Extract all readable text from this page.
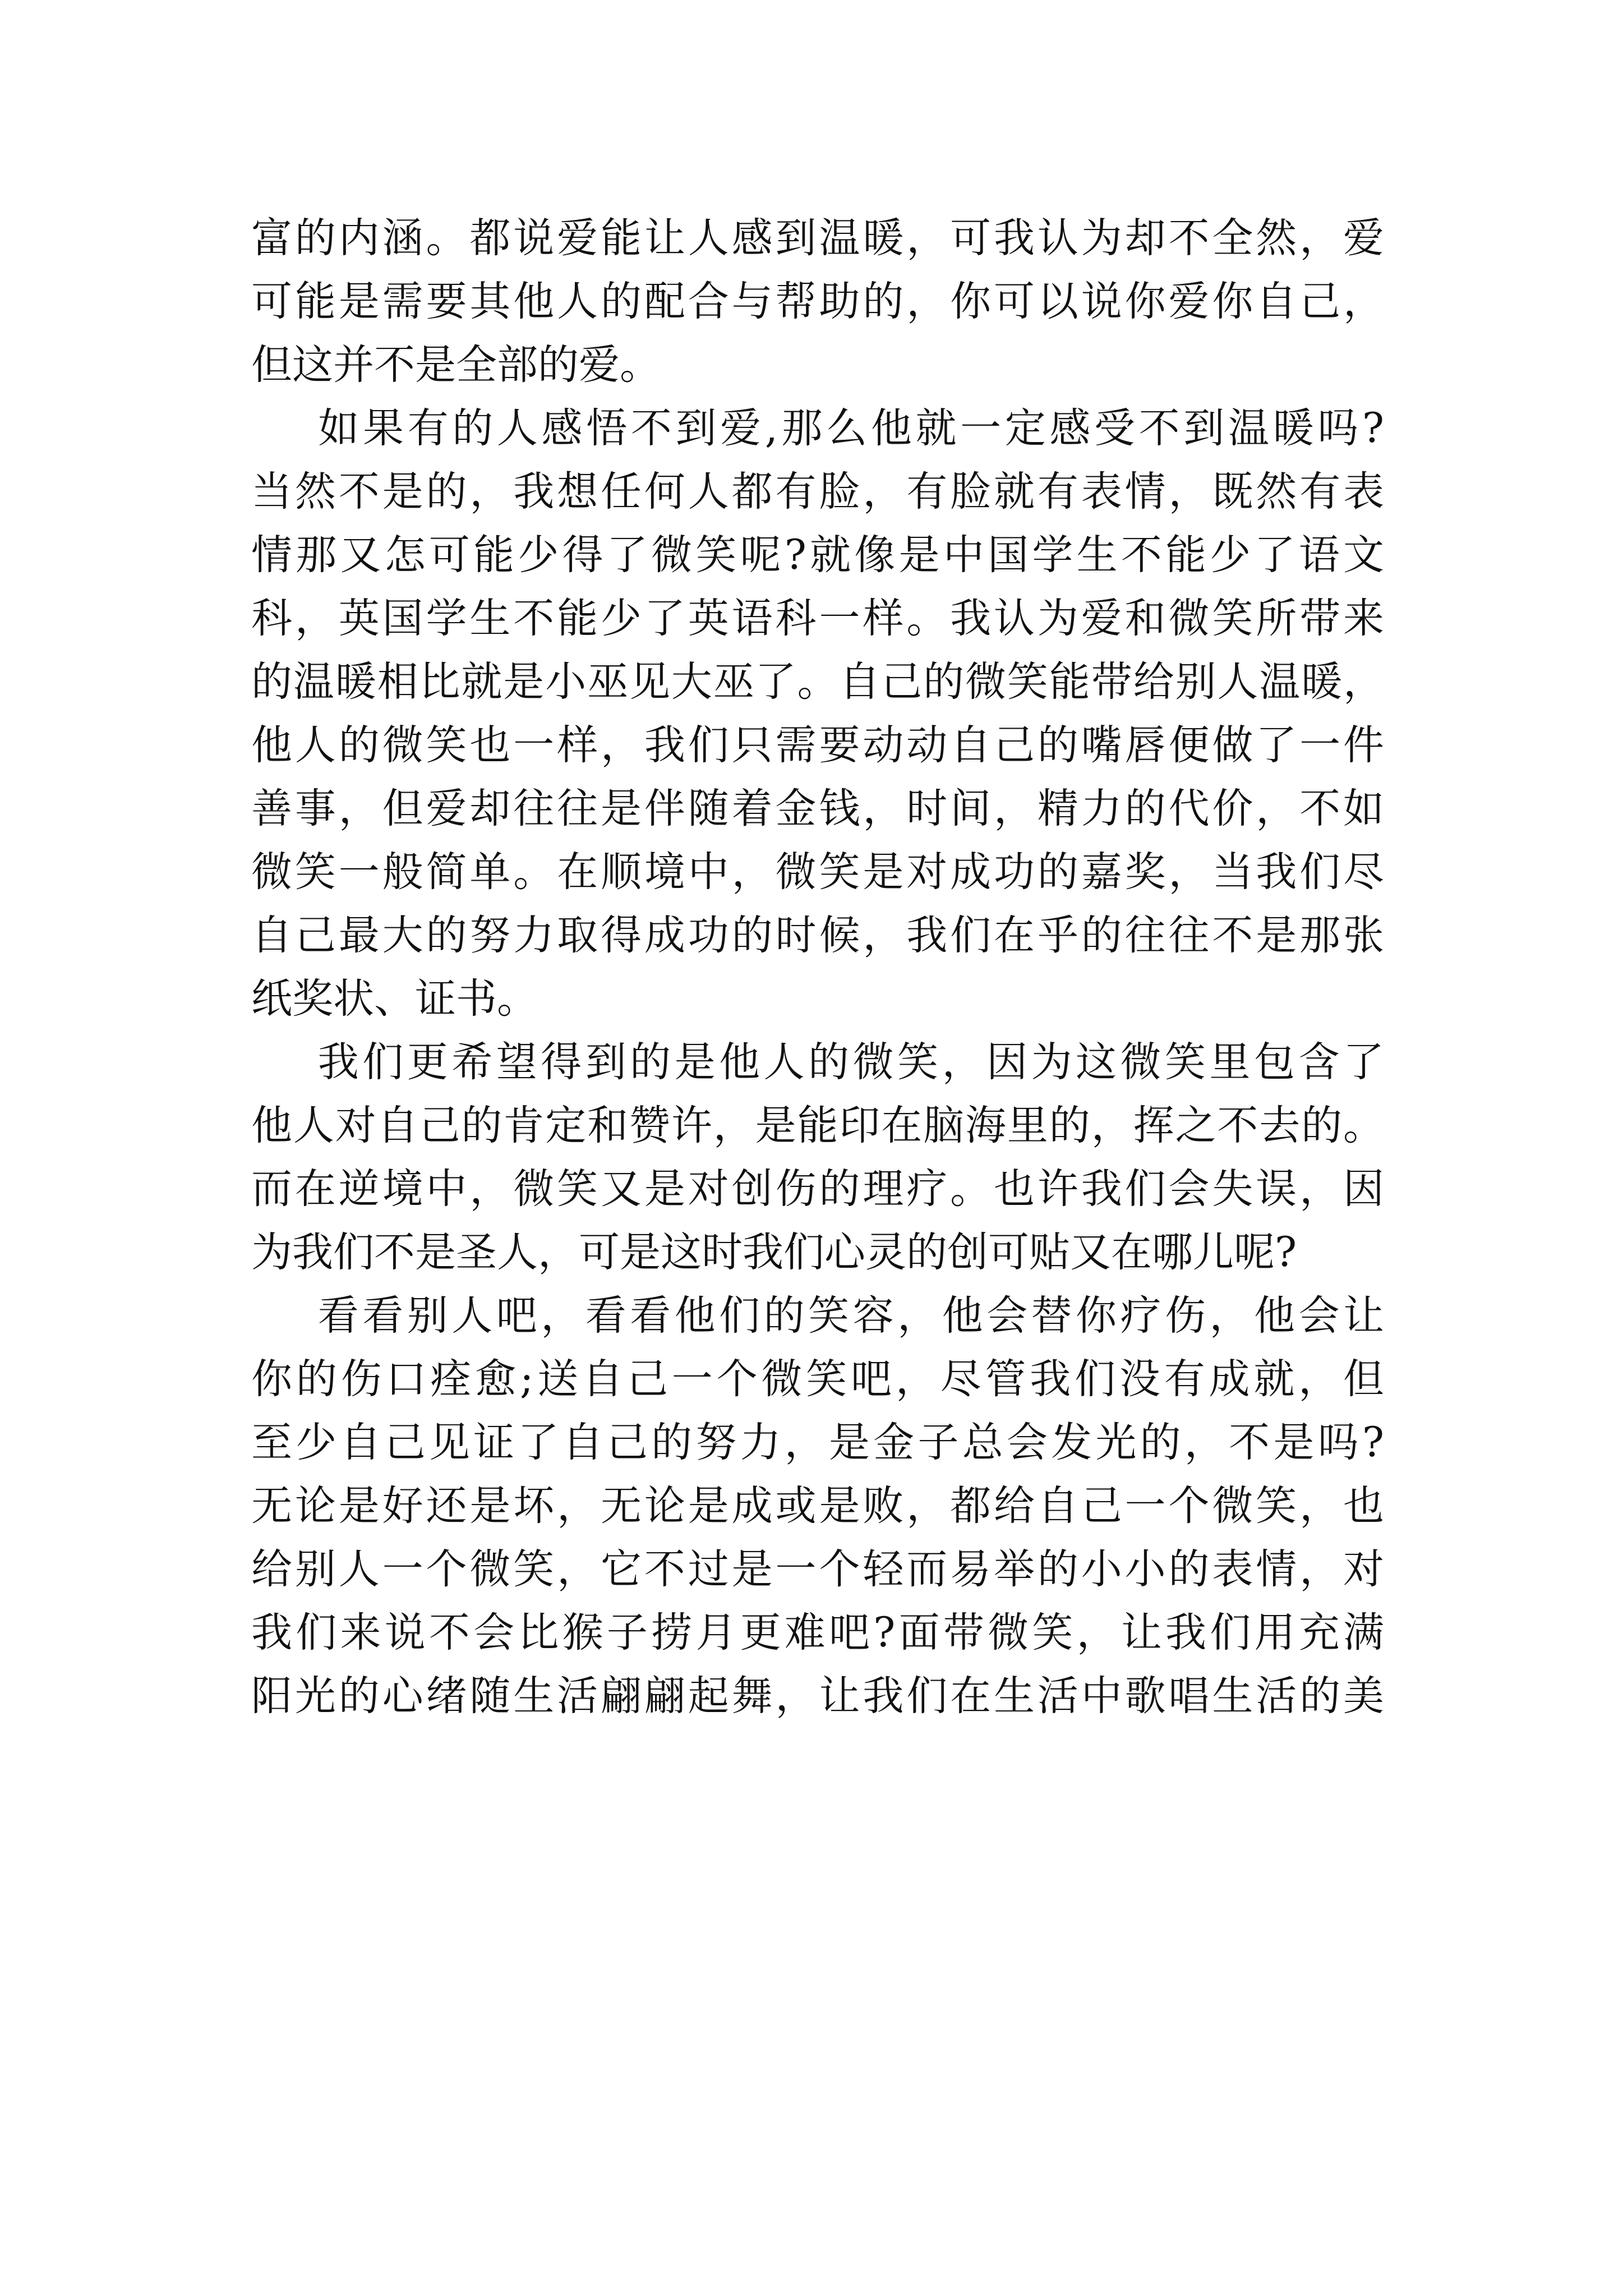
富的内涵。都说爱能让人感到温暖，可我认为却不全然，爱
可能是需要其他人的配合与帮助的，你可以说你爱你自己，
但这并不是全部的爱。
如果有的人感悟不到爱,那么他就一定感受不到温暖吗?
当然不是的，我想任何人都有脸，有脸就有表情，既然有表
情那又怎可能少得了微笑呢?就像是中国学生不能少了语文
科，英国学生不能少了英语科一样。我认为爱和微笑所带来
的温暖相比就是小巫见大巫了。自己的微笑能带给别人温暖，
他人的微笑也一样，我们只需要动动自己的嘴唇便做了一件
善事，但爱却往往是伴随着金钱，时间，精力的代价，不如
微笑一般简单。在顺境中，微笑是对成功的嘉奖，当我们尽
自己最大的努力取得成功的时候，我们在乎的往往不是那张
纸奖状、证书。
我们更希望得到的是他人的微笑，因为这微笑里包含了
他人对自己的肯定和赞许，是能印在脑海里的，挥之不去的。
而在逆境中，微笑又是对创伤的理疗。也许我们会失误，因
为我们不是圣人，可是这时我们心灵的创可贴又在哪儿呢?
看看别人吧，看看他们的笑容，他会替你疗伤，他会让
你的伤口痊愈;送自己一个微笑吧，尽管我们没有成就，但
至少自己见证了自己的努力，是金子总会发光的，不是吗?
无论是好还是坏，无论是成或是败，都给自己一个微笑，也
给别人一个微笑，它不过是一个轻而易举的小小的表情，对
我们来说不会比猴子捞月更难吧?面带微笑，让我们用充满
阳光的心绪随生活翩翩起舞，让我们在生活中歌唱生活的美
